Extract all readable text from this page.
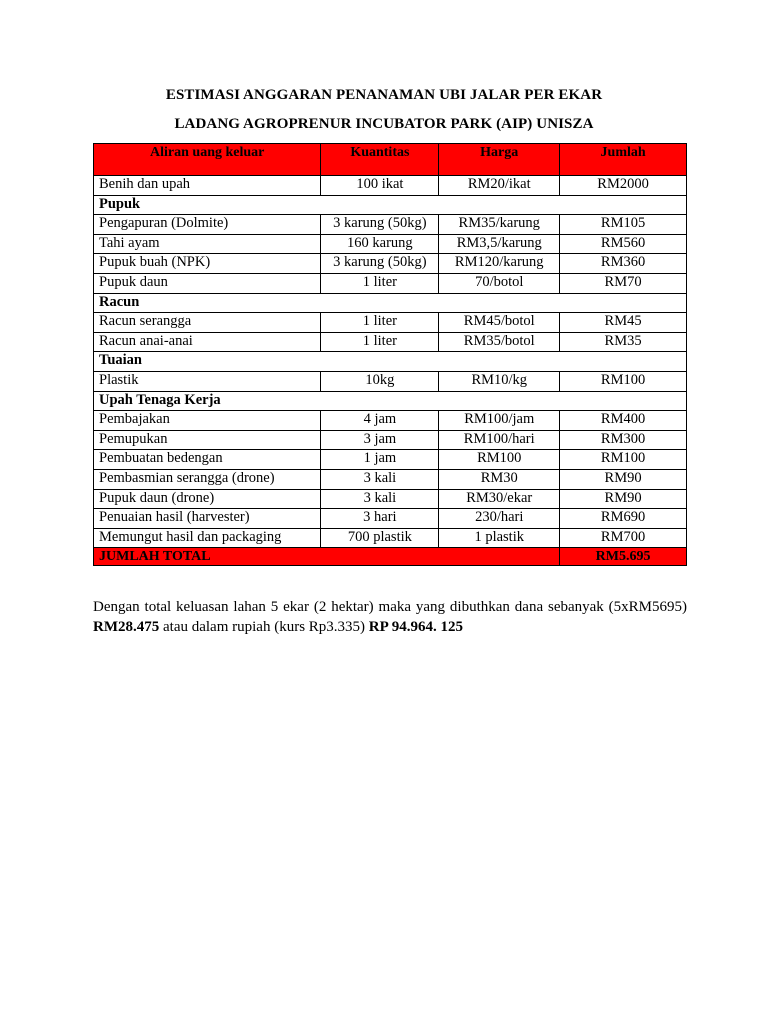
ESTIMASI ANGGARAN PENANAMAN UBI JALAR PER EKAR
LADANG AGROPRENUR INCUBATOR PARK (AIP) UNISZA
Aliran uang keluar	Kuantitas	Harga	Jumlah
Benih dan upah	100 ikat	RM20/ikat	RM2000
Pupuk			
Pengapuran (Dolmite)	3 karung (50kg)	RM35/karung	RM105
Tahi ayam	160 karung	RM3,5/karung	RM560
Pupuk buah (NPK)	3 karung (50kg)	RM120/karung	RM360
Pupuk daun	1 liter	70/botol	RM70
Racun			
Racun serangga	1 liter	RM45/botol	RM45
Racun anai-anai	1 liter	RM35/botol	RM35
Tuaian			
Plastik	10kg	RM10/kg	RM100
Upah Tenaga Kerja			
Pembajakan	4 jam	RM100/jam	RM400
Pemupukan	3 jam	RM100/hari	RM300
Pembuatan bedengan	1 jam	RM100	RM100
Pembasmian serangga (drone)	3 kali	RM30	RM90
Pupuk daun (drone)	3 kali	RM30/ekar	RM90
Penuaian hasil (harvester)	3 hari	230/hari	RM690
Memungut hasil dan packaging	700 plastik	1 plastik	RM700
JUMLAH TOTAL			RM5.695
Dengan total keluasan lahan 5 ekar (2 hektar) maka yang dibuthkan dana sebanyak (5xRM5695) RM28.475 atau dalam rupiah (kurs Rp3.335) RP 94.964. 125
